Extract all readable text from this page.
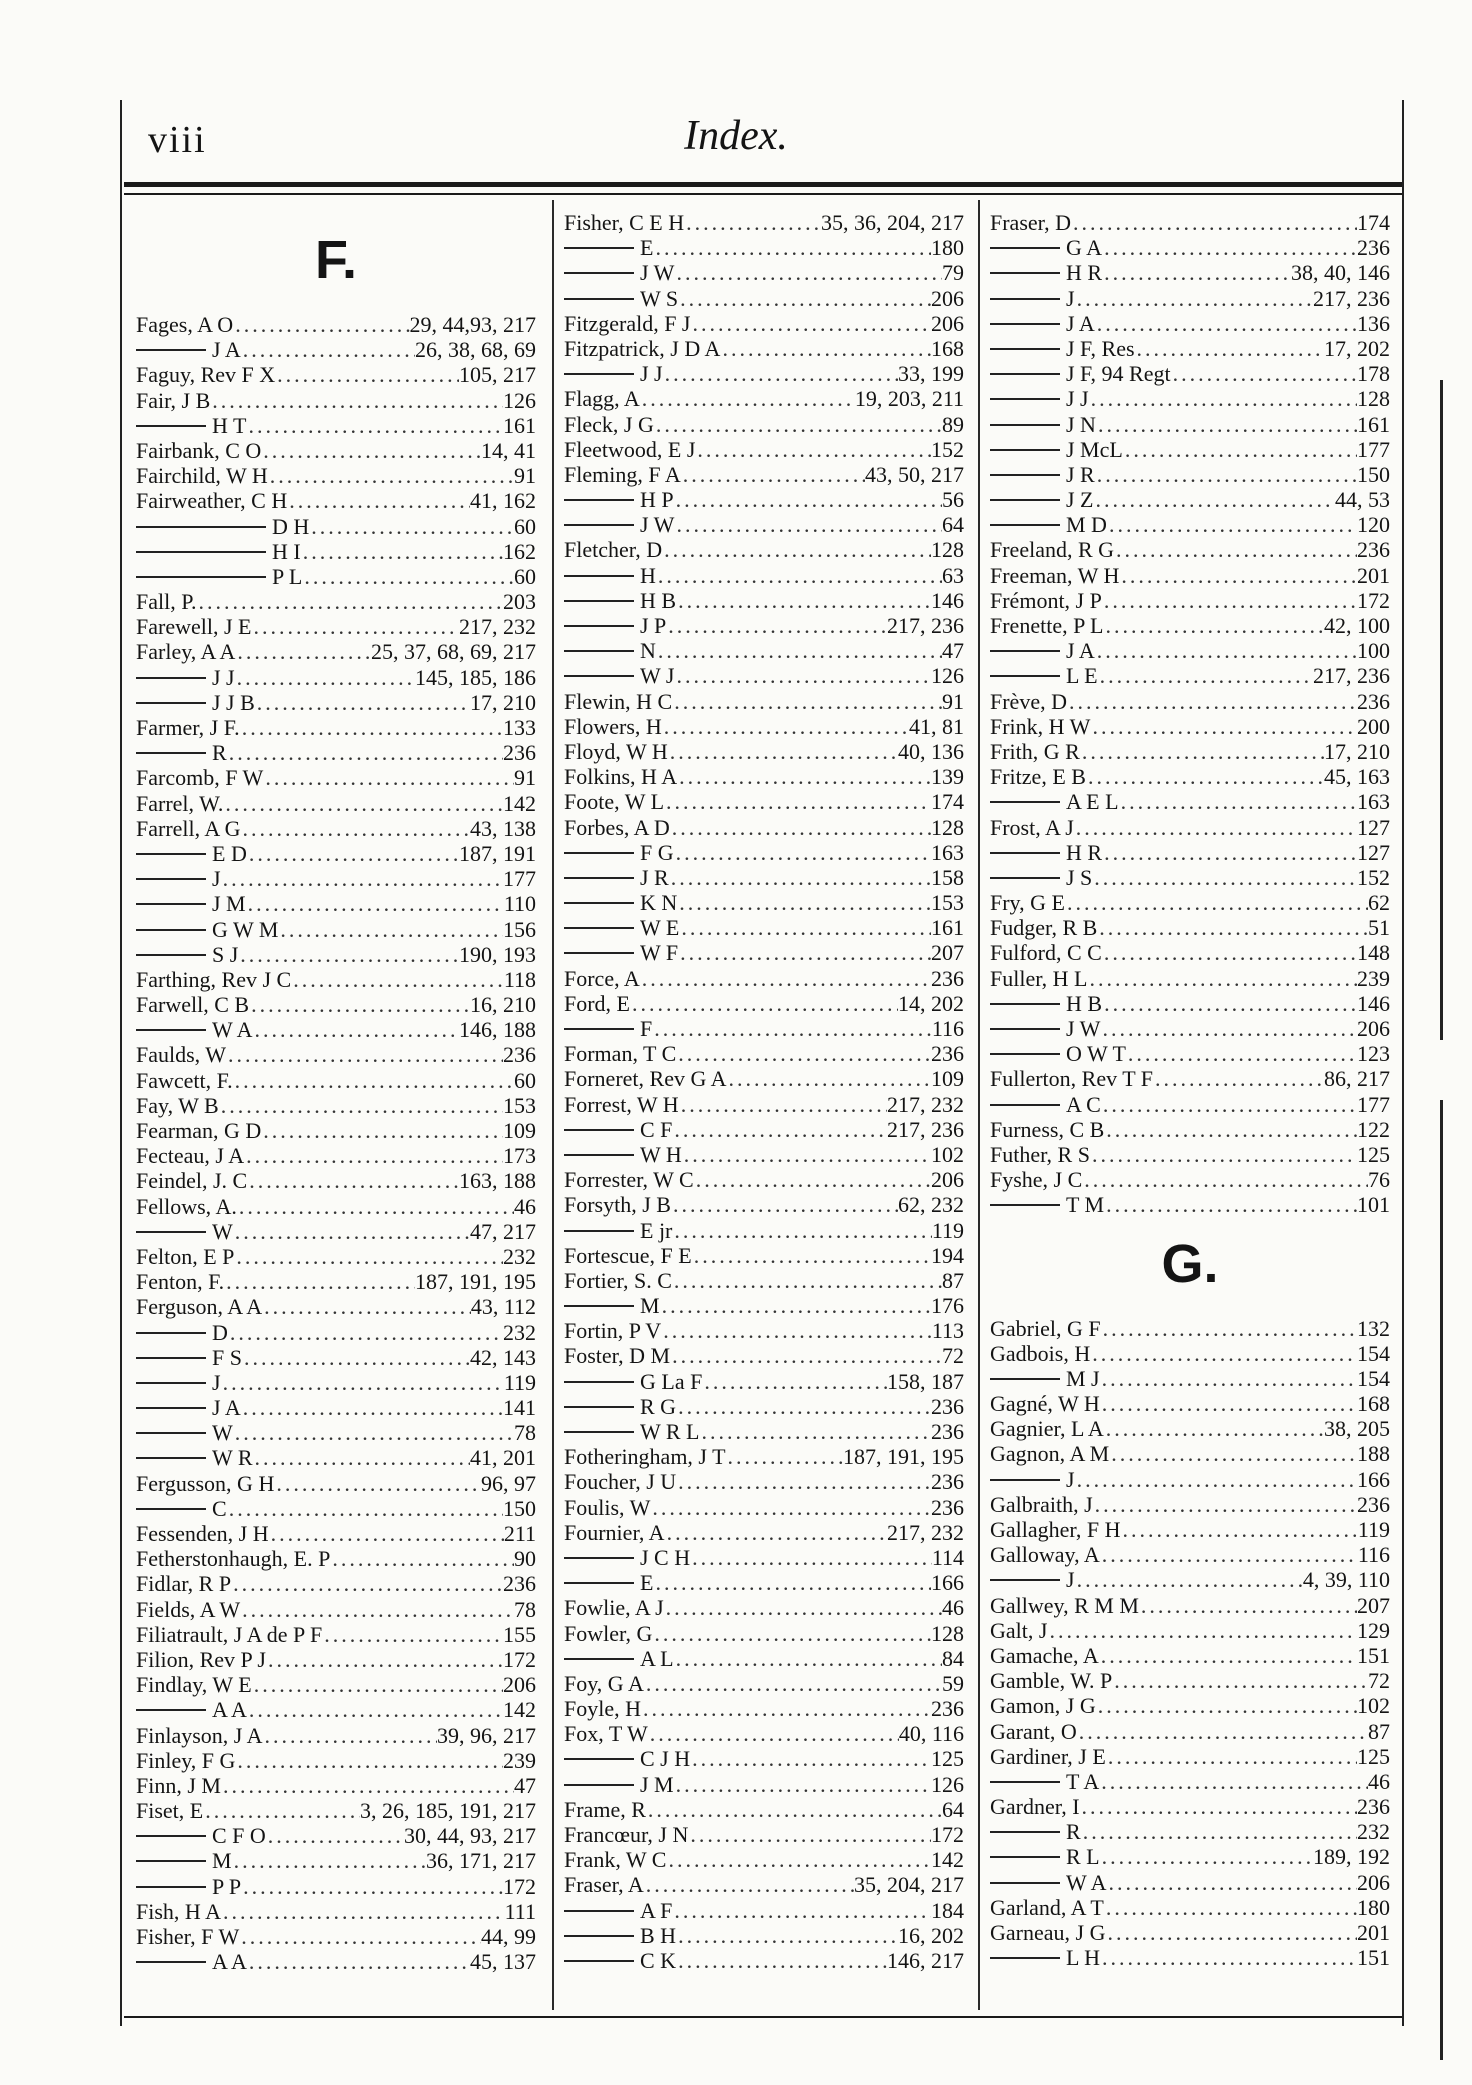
viii	Index.
F.
Fages, A O .....	29, 44,93, 217
J A .....	26, 38, 68, 69
Faguy, Rev F X .....	105, 217
Fair, J B .....	126
H T .....	161
Fairbank, C O .....	14, 41
Fairchild, W H .....	91
Fairweather, C H .....	41, 162
D H .....	60
H I .....	162
P L .....	60
Fall, P. .....	203
Farewell, J E .....	217, 232
Farley, A A .....	25, 37, 68, 69, 217
J J .....	145, 185, 186
J J B .....	17, 210
Farmer, J F. .....	133
R .....	236
Farcomb, F W .....	91
Farrel, W. .....	142
Farrell, A G .....	43, 138
E D .....	187, 191
J .....	177
J M .....	110
G W M .....	156
S J .....	190, 193
Farthing, Rev J C .....	118
Farwell, C B .....	16, 210
W A .....	146, 188
Faulds, W .....	236
Fawcett, F. .....	60
Fay, W B .....	153
Fearman, G D .....	109
Fecteau, J A .....	173
Feindel, J. C .....	163, 188
Fellows, A. .....	46
W .....	47, 217
Felton, E P .....	232
Fenton, F. .....	187, 191, 195
Ferguson, A A .....	43, 112
D .....	232
F S .....	42, 143
J .....	119
J A .....	141
W .....	78
W R .....	41, 201
Fergusson, G H .....	96, 97
C .....	150
Fessenden, J H .....	211
Fetherstonhaugh, E. P .....	90
Fidlar, R P .....	236
Fields, A W .....	78
Filiatrault, J A de P F .....	155
Filion, Rev P J .....	172
Findlay, W E .....	206
A A .....	142
Finlayson, J A .....	39, 96, 217
Finley, F G .....	239
Finn, J M .....	47
Fiset, E .....	3, 26, 185, 191, 217
C F O .....	30, 44, 93, 217
M .....	36, 171, 217
P P .....	172
Fish, H A .....	111
Fisher, F W .....	44, 99
A A .....	45, 137
Fisher, C E H .....	35, 36, 204, 217
E .....	180
J W .....	79
W S .....	206
Fitzgerald, F J .....	206
Fitzpatrick, J D A .....	168
J J .....	33, 199
Flagg, A .....	19, 203, 211
Fleck, J G .....	89
Fleetwood, E J .....	152
Fleming, F A .....	43, 50, 217
H P .....	56
J W .....	64
Fletcher, D .....	128
H .....	63
H B .....	146
J P .....	217, 236
N .....	47
W J .....	126
Flewin, H C .....	91
Flowers, H .....	41, 81
Floyd, W H .....	40, 136
Folkins, H A .....	139
Foote, W L .....	174
Forbes, A D .....	128
F G .....	163
J R .....	158
K N .....	153
W E .....	161
W F .....	207
Force, A .....	236
Ford, E .....	14, 202
F .....	116
Forman, T C .....	236
Forneret, Rev G A .....	109
Forrest, W H .....	217, 232
C F .....	217, 236
W H .....	102
Forrester, W C .....	206
Forsyth, J B .....	62, 232
E jr .....	119
Fortescue, F E .....	194
Fortier, S. C .....	87
M .....	176
Fortin, P V .....	113
Foster, D M .....	72
G La F .....	158, 187
R G .....	236
W R L .....	236
Fotheringham, J T .....	187, 191, 195
Foucher, J U .....	236
Foulis, W .....	236
Fournier, A .....	217, 232
J C H .....	114
E .....	166
Fowlie, A J .....	46
Fowler, G .....	128
A L .....	84
Foy, G A .....	59
Foyle, H .....	236
Fox, T W .....	40, 116
C J H .....	125
J M .....	126
Frame, R .....	64
Francœur, J N .....	172
Frank, W C .....	142
Fraser, A .....	35, 204, 217
A F .....	184
B H .....	16, 202
C K .....	146, 217
Fraser, D .....	174
G A .....	236
H R .....	38, 40, 146
J .....	217, 236
J A .....	136
J F, Res .....	17, 202
J F, 94 Regt .....	178
J J .....	128
J N .....	161
J McL .....	177
J R .....	150
J Z .....	44, 53
M D .....	120
Freeland, R G .....	236
Freeman, W H .....	201
Frémont, J P .....	172
Frenette, P L .....	42, 100
J A .....	100
L E .....	217, 236
Frève, D .....	236
Frink, H W .....	200
Frith, G R .....	17, 210
Fritze, E B .....	45, 163
A E L .....	163
Frost, A J .....	127
H R .....	127
J S .....	152
Fry, G E .....	62
Fudger, R B .....	51
Fulford, C C .....	148
Fuller, H L .....	239
H B .....	146
J W .....	206
O W T .....	123
Fullerton, Rev T F .....	86, 217
A C .....	177
Furness, C B .....	122
Futher, R S .....	125
Fyshe, J C .....	76
T M .....	101
G.
Gabriel, G F .....	132
Gadbois, H .....	154
M J .....	154
Gagné, W H .....	168
Gagnier, L A .....	38, 205
Gagnon, A M .....	188
J .....	166
Galbraith, J .....	236
Gallagher, F H .....	119
Galloway, A .....	116
J .....	4, 39, 110
Gallwey, R M M .....	207
Galt, J .....	129
Gamache, A .....	151
Gamble, W. P .....	72
Gamon, J G .....	102
Garant, O .....	87
Gardiner, J E .....	125
T A .....	46
Gardner, I .....	236
R .....	232
R L .....	189, 192
W A .....	206
Garland, A T .....	180
Garneau, J G .....	201
L H .....	151
